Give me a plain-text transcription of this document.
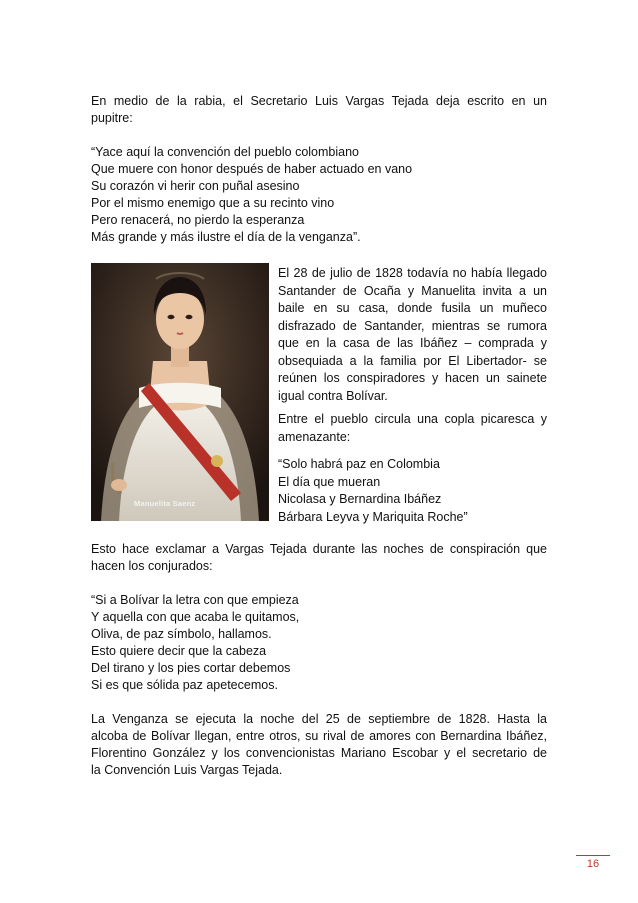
En medio de la rabia, el Secretario Luis Vargas Tejada deja escrito en un
pupitre:
“Yace aquí la convención del pueblo colombiano
Que muere con honor después de haber actuado en vano
Su corazón vi herir con puñal asesino
Por el mismo enemigo que a su recinto vino
Pero renacerá, no pierdo la esperanza
Más grande y más ilustre el día de la venganza”.
Manuelita Saenz
El 28 de julio de 1828 todavía no había llegado
Santander de Ocaña y Manuelita invita a un
baile en su casa, donde fusila un muñeco
disfrazado de Santander, mientras se rumora
que en la casa de las Ibáñez – comprada y
obsequiada a la familia por El Libertador- se
reúnen los conspiradores y hacen un sainete
igual contra Bolívar.
Entre el pueblo circula una copla picaresca y
amenazante:
“Solo habrá paz en Colombia
El día que mueran
Nicolasa y Bernardina Ibáñez
Bárbara Leyva y Mariquita Roche”
Esto hace exclamar a Vargas Tejada durante las noches de conspiración que
hacen los conjurados:
“Si a Bolívar la letra con que empieza
Y aquella con que acaba le quitamos,
Oliva, de paz símbolo, hallamos.
Esto quiere decir que la cabeza
Del tirano y los pies cortar debemos
Si es que sólida paz apetecemos.
La Venganza se ejecuta la noche del 25 de septiembre de 1828. Hasta la
alcoba de Bolívar llegan, entre otros, su rival de amores con Bernardina Ibáñez,
Florentino González y los convencionistas Mariano Escobar y el secretario de
la Convención Luis Vargas Tejada.
16
